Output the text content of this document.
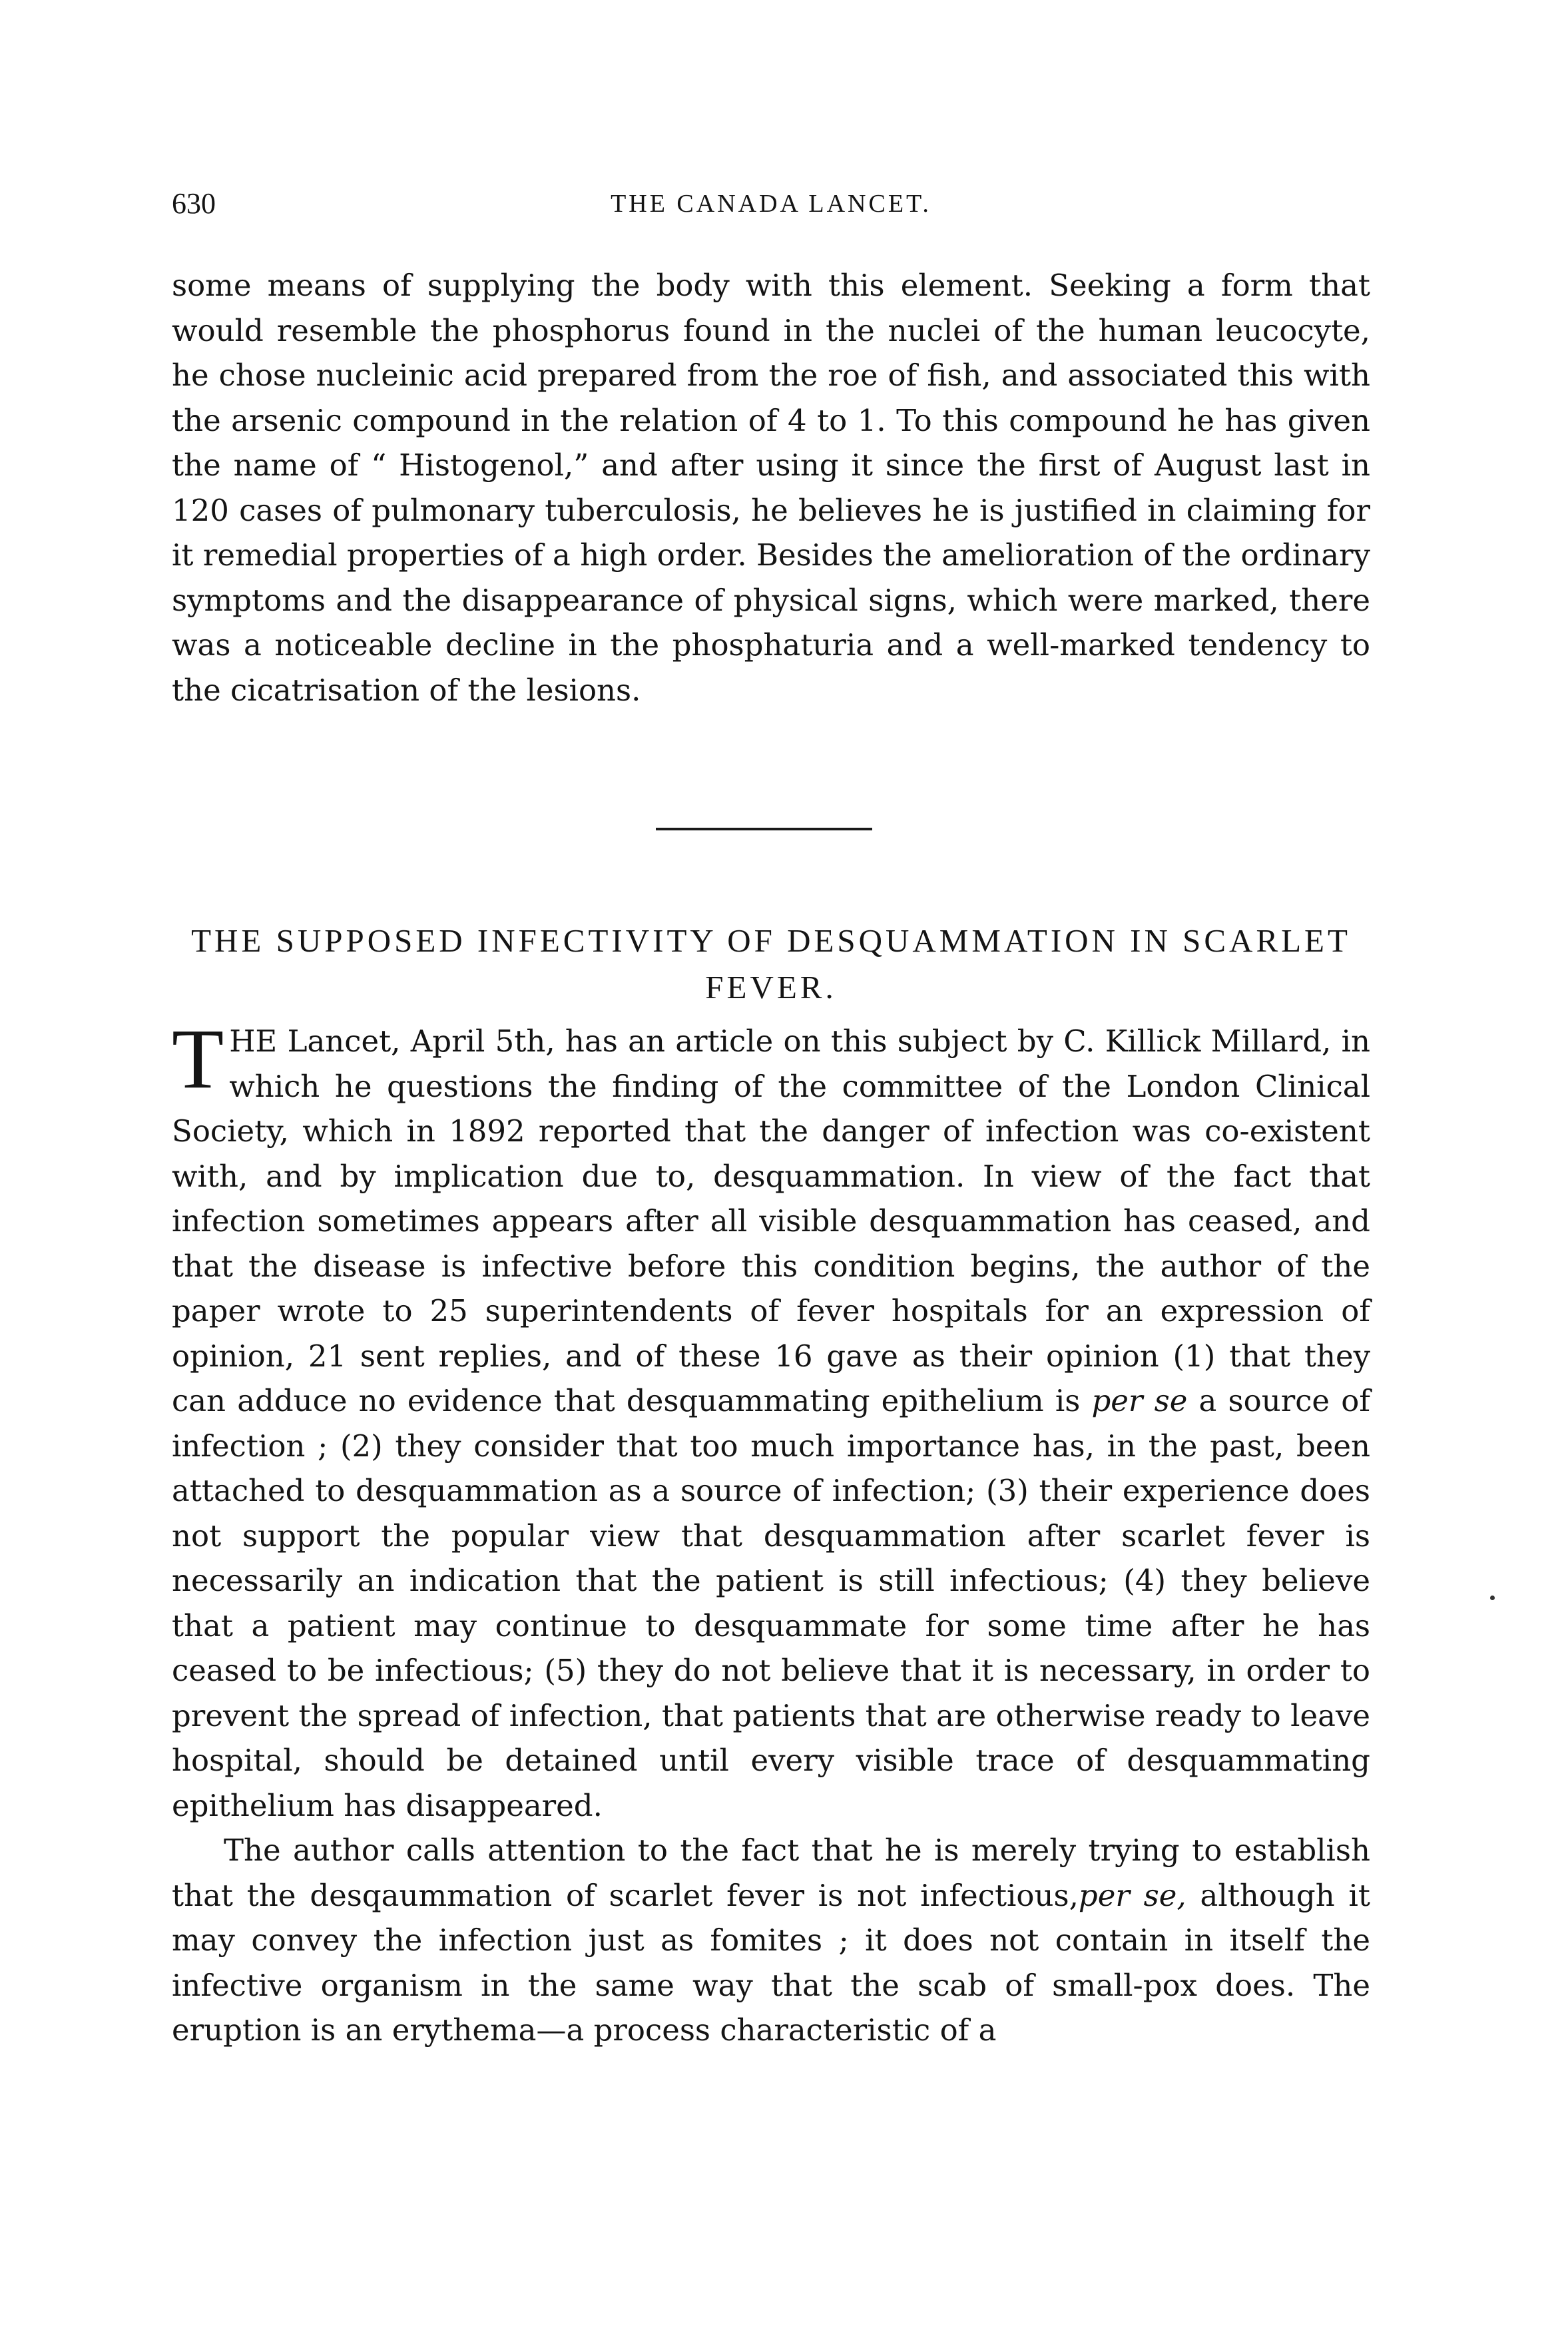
630	THE CANADA LANCET.

some means of supplying the body with this element. Seeking a form that would resemble the phosphorus found in the nuclei of the human leucocyte, he chose nucleinic acid prepared from the roe of fish, and associated this with the arsenic compound in the relation of 4 to 1. To this compound he has given the name of “ Histogenol,” and after using it since the first of August last in 120 cases of pulmonary tuberculosis, he believes he is justified in claiming for it remedial properties of a high order. Besides the amelioration of the ordinary symptoms and the disappearance of physical signs, which were marked, there was a noticeable decline in the phosphaturia and a well-marked tendency to the cicatrisation of the lesions.

THE SUPPOSED INFECTIVITY OF DESQUAMMATION IN SCARLET FEVER.

THE Lancet, April 5th, has an article on this subject by C. Killick Millard, in which he questions the finding of the committee of the London Clinical Society, which in 1892 reported that the danger of infection was co-existent with, and by implication due to, desquammation. In view of the fact that infection sometimes appears after all visible desquammation has ceased, and that the disease is infective before this condition begins, the author of the paper wrote to 25 superintendents of fever hospitals for an expression of opinion, 21 sent replies, and of these 16 gave as their opinion (1) that they can adduce no evidence that desquammating epithelium is per se a source of infection ; (2) they consider that too much importance has, in the past, been attached to desquammation as a source of infection; (3) their experience does not support the popular view that desquammation after scarlet fever is necessarily an indication that the patient is still infectious; (4) they believe that a patient may continue to desquammate for some time after he has ceased to be infectious; (5) they do not believe that it is necessary, in order to prevent the spread of infection, that patients that are otherwise ready to leave hospital, should be detained until every visible trace of desquammating epithelium has disappeared.

The author calls attention to the fact that he is merely trying to establish that the desqaummation of scarlet fever is not infectious,per se, although it may convey the infection just as fomites ; it does not contain in itself the infective organism in the same way that the scab of small-pox does. The eruption is an erythema—a process characteristic of a
